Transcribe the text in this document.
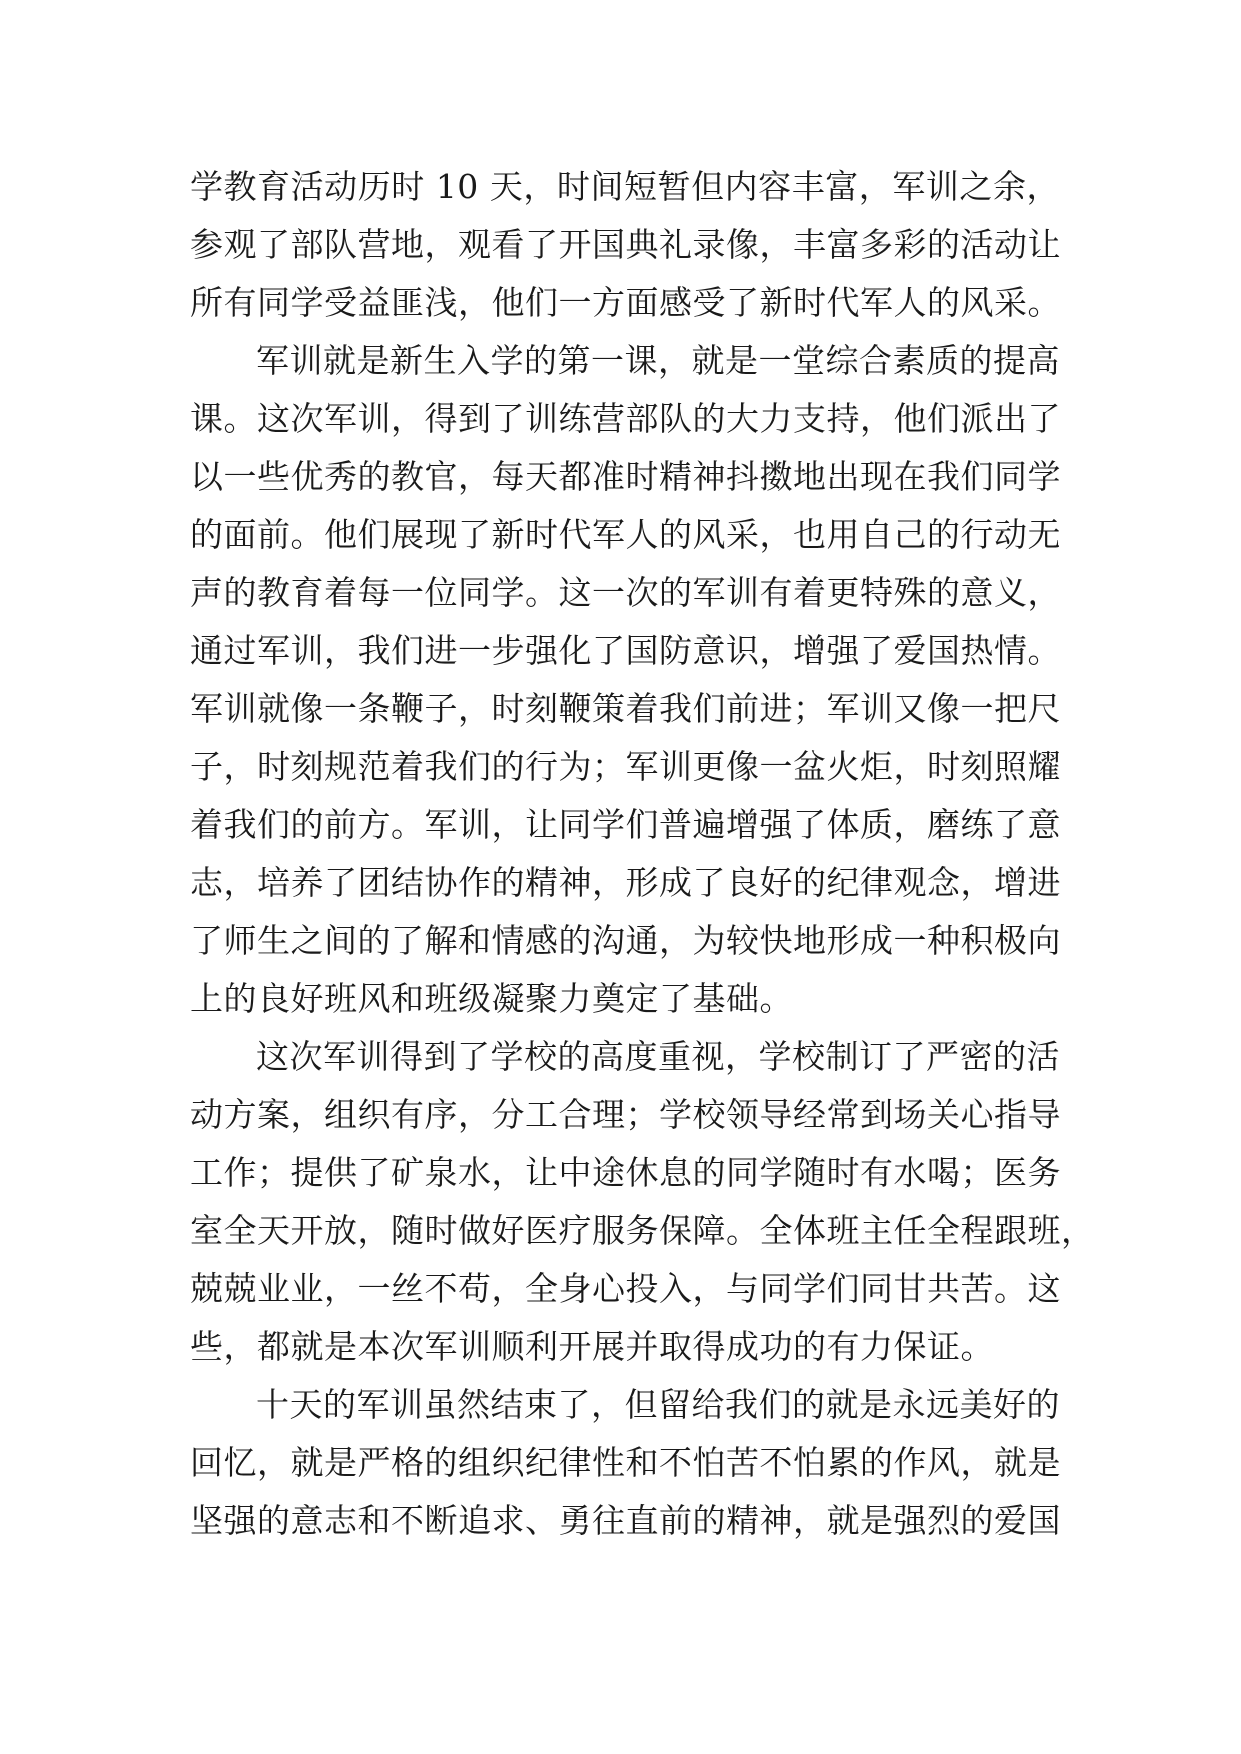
学教育活动历时 10 天，时间短暂但内容丰富，军训之余，
参观了部队营地，观看了开国典礼录像，丰富多彩的活动让
所有同学受益匪浅，他们一方面感受了新时代军人的风采。
军训就是新生入学的第一课，就是一堂综合素质的提高
课。这次军训，得到了训练营部队的大力支持，他们派出了
以一些优秀的教官，每天都准时精神抖擞地出现在我们同学
的面前。他们展现了新时代军人的风采，也用自己的行动无
声的教育着每一位同学。这一次的军训有着更特殊的意义，
通过军训，我们进一步强化了国防意识，增强了爱国热情。
军训就像一条鞭子，时刻鞭策着我们前进；军训又像一把尺
子，时刻规范着我们的行为；军训更像一盆火炬，时刻照耀
着我们的前方。军训，让同学们普遍增强了体质，磨练了意
志，培养了团结协作的精神，形成了良好的纪律观念，增进
了师生之间的了解和情感的沟通，为较快地形成一种积极向
上的良好班风和班级凝聚力奠定了基础。
这次军训得到了学校的高度重视，学校制订了严密的活
动方案，组织有序，分工合理；学校领导经常到场关心指导
工作；提供了矿泉水，让中途休息的同学随时有水喝；医务
室全天开放，随时做好医疗服务保障。全体班主任全程跟班，
兢兢业业，一丝不苟，全身心投入，与同学们同甘共苦。这
些，都就是本次军训顺利开展并取得成功的有力保证。
十天的军训虽然结束了，但留给我们的就是永远美好的
回忆，就是严格的组织纪律性和不怕苦不怕累的作风，就是
坚强的意志和不断追求、勇往直前的精神，就是强烈的爱国
